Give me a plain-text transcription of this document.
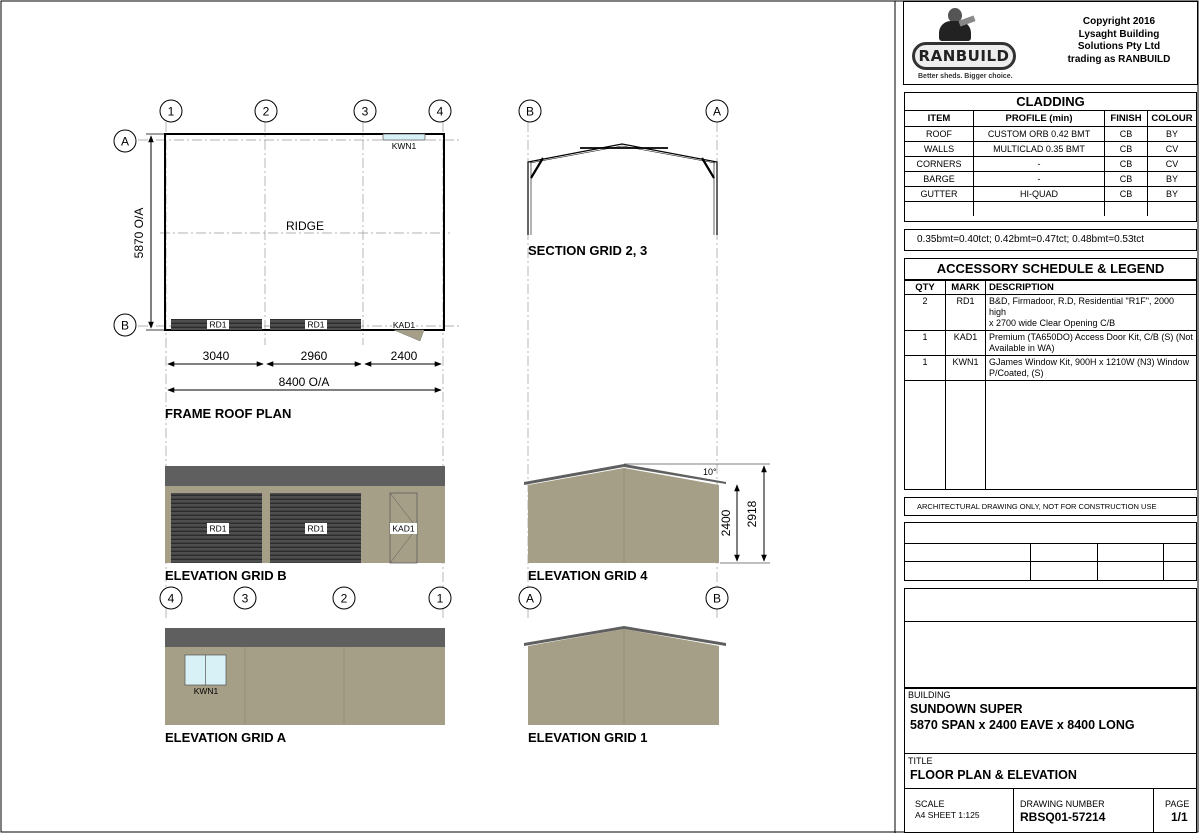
1	2	3	4
A
B
KWN1
RIDGE
RD1	RD1	KAD1
5870 O/A
3040	2960	2400
8400 O/A
FRAME ROOF PLAN
B	A
SECTION GRID 2, 3
RD1	RD1	KAD1
ELEVATION GRID B
10°
2400 2918
ELEVATION GRID 4
4	3	2	1
KWN1
ELEVATION GRID A
A	B
ELEVATION GRID 1
RANBUILD
Better sheds. Bigger choice.
Copyright 2016
Lysaght Building
Solutions Pty Ltd
trading as RANBUILD
CLADDING
ITEM	PROFILE (min)	FINISH	COLOUR
ROOF	CUSTOM ORB 0.42 BMT	CB	BY
WALLS	MULTICLAD 0.35 BMT	CB	CV
CORNERS	-	CB	CV
BARGE	-	CB	BY
GUTTER	HI-QUAD	CB	BY

0.35bmt=0.40tct; 0.42bmt=0.47tct; 0.48bmt=0.53tct
ACCESSORY SCHEDULE & LEGEND
QTY	MARK	DESCRIPTION
2	RD1	B&D, Firmadoor, R.D, Residential "R1F", 2000 high
x 2700 wide Clear Opening C/B

1	KAD1	Premium (TA650DO) Access Door Kit, C/B (S) (Not
Available in WA)

1	KWN1	GJames Window Kit, 900H x 1210W (N3) Window
P/Coated, (S)

ARCHITECTURAL DRAWING ONLY, NOT FOR CONSTRUCTION USE
BUILDING
SUNDOWN SUPER
5870 SPAN x 2400 EAVE x 8400 LONG
TITLE
FLOOR PLAN & ELEVATION
SCALE
A4 SHEET 1:125
DRAWING NUMBER
RBSQ01-57214
PAGE
1/1
